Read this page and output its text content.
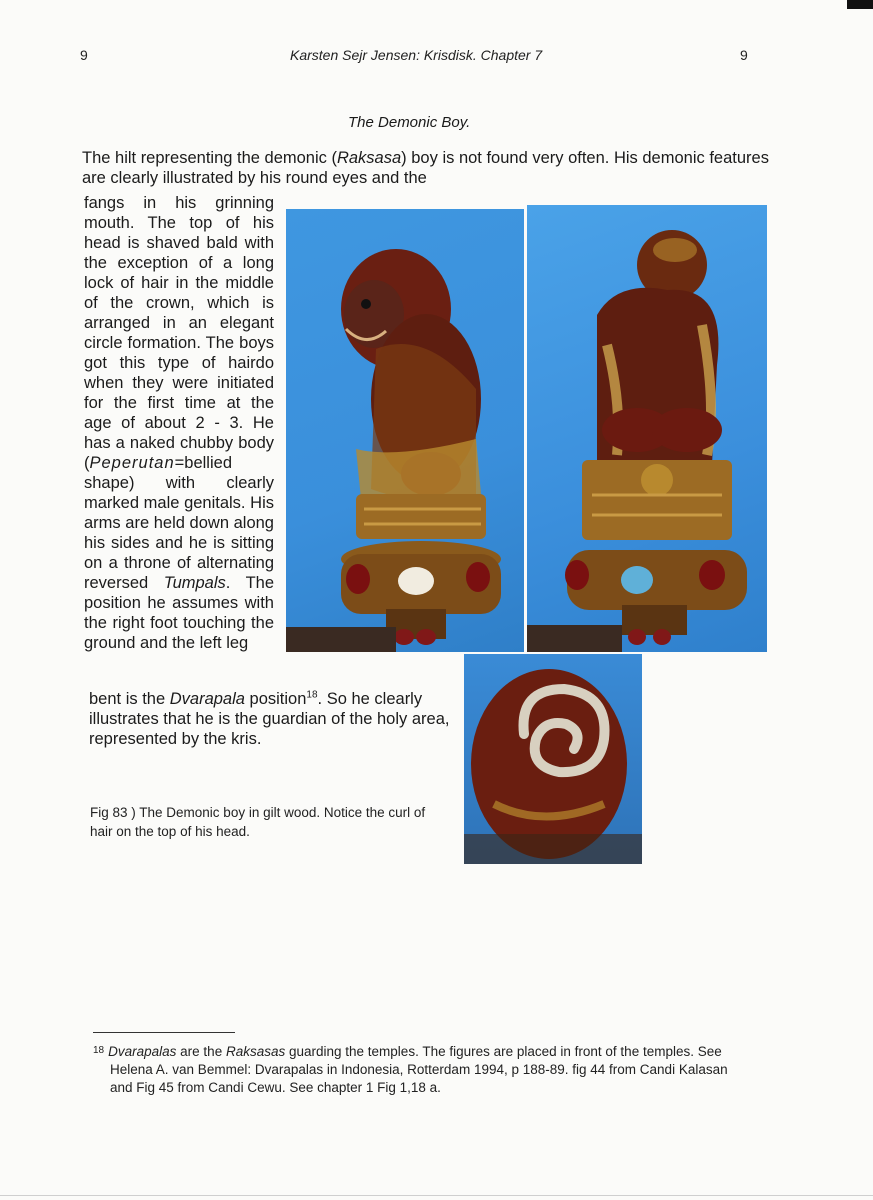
9	Karsten Sejr Jensen: Krisdisk. Chapter 7	9
The Demonic Boy.
The hilt representing the demonic (Raksasa) boy is not found very often. His demonic features are clearly illustrated by his round eyes and the

fangs in his grinning mouth. The top of his head is shaved bald with the exception of a long lock of hair in the middle of the crown, which is arranged in an elegant circle formation. The boys got this type of hairdo when they were initiated for the first time at the age of about 2 - 3. He has a naked chubby body (Peperutan=bellied shape) with clearly marked male genitals. His arms are held down along his sides and he is sitting on a throne of alternating reversed Tumpals. The position he assumes with the right foot touching the ground and the left leg

bent is the Dvarapala position$^{18}$. So he clearly illustrates that he is the guardian of the holy area, represented by the kris.
Fig 83 ) The Demonic boy in gilt wood. Notice the curl of hair on the top of his head.
$^{18}$ Dvarapalas are the Raksasas guarding the temples. The figures are placed in front of the temples. See
Helena A. van Bemmel: Dvarapalas in Indonesia, Rotterdam 1994, p 188-89. fig 44 from Candi Kalasan
and Fig 45 from Candi Cewu. See chapter 1 Fig 1,18 a.
